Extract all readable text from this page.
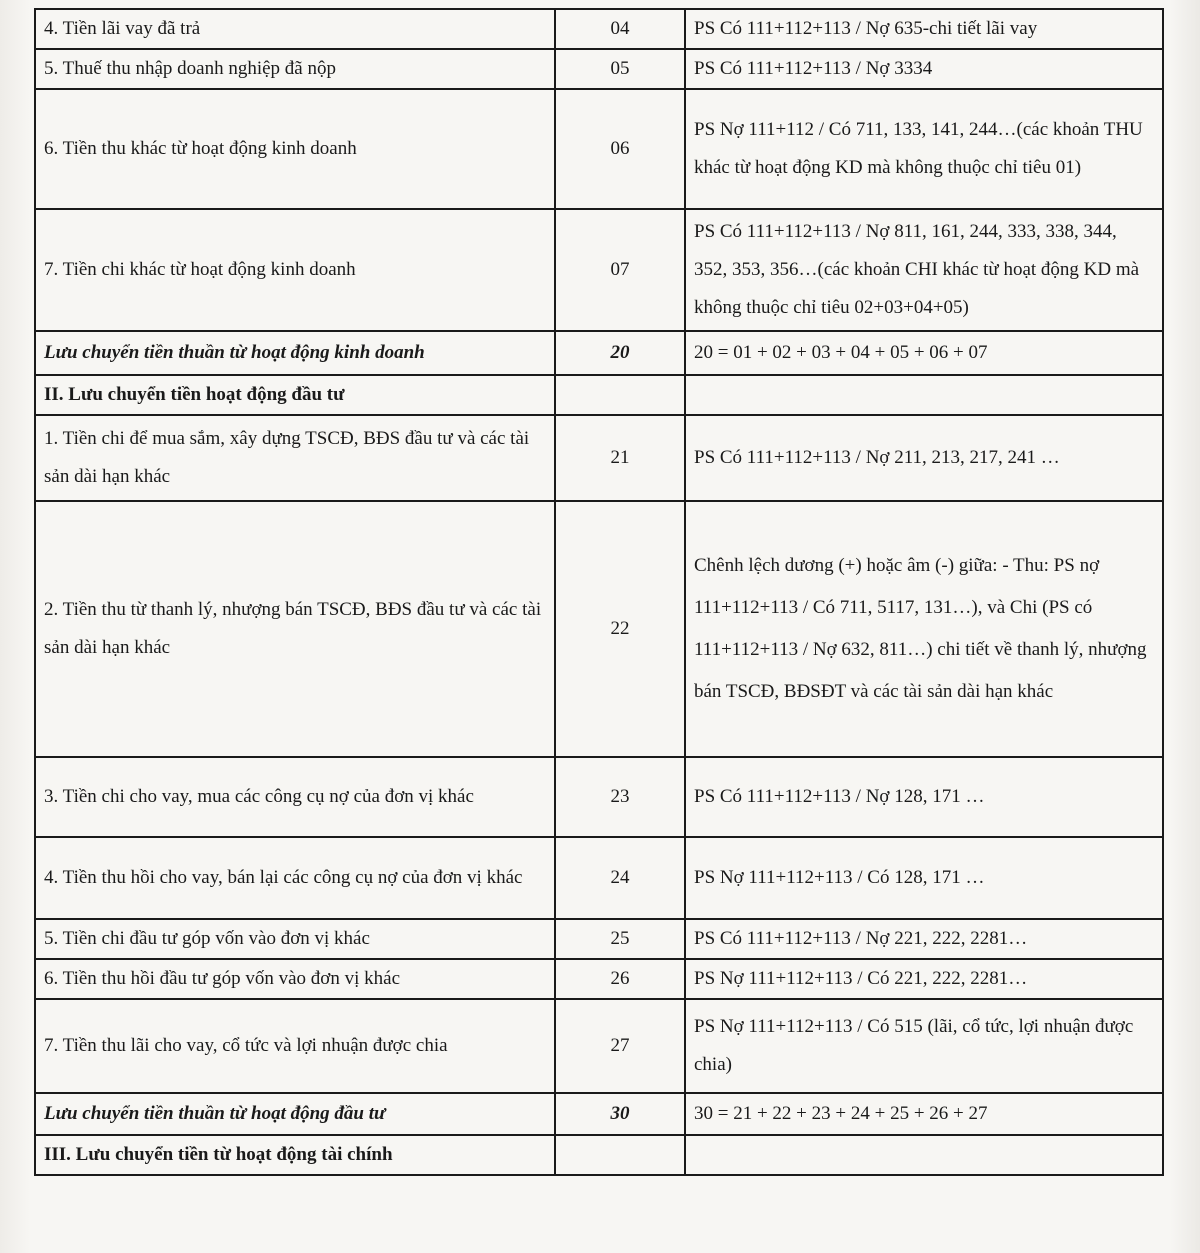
4. Tiền lãi vay đã trả	04	PS Có 111+112+113 / Nợ 635-chi tiết lãi vay
5. Thuế thu nhập doanh nghiệp đã nộp	05	PS Có 111+112+113 / Nợ 3334
6. Tiền thu khác từ hoạt động kinh doanh	06	PS Nợ 111+112 / Có 711, 133, 141, 244…(các khoản THU khác từ hoạt động KD mà không thuộc chỉ tiêu 01)
7. Tiền chi khác từ hoạt động kinh doanh	07	PS Có 111+112+113 / Nợ 811, 161, 244, 333, 338, 344, 352, 353, 356…(các khoản CHI khác từ hoạt động KD mà không thuộc chỉ tiêu 02+03+04+05)
Lưu chuyển tiền thuần từ hoạt động kinh doanh	20	20 = 01 + 02 + 03 + 04 + 05 + 06 + 07
II. Lưu chuyển tiền hoạt động đầu tư		
1. Tiền chi để mua sắm, xây dựng TSCĐ, BĐS đầu tư và các tài sản dài hạn khác	21	PS Có 111+112+113 / Nợ 211, 213, 217, 241 …
2. Tiền thu từ thanh lý, nhượng bán TSCĐ, BĐS đầu tư và các tài sản dài hạn khác	22	Chênh lệch dương (+) hoặc âm (-) giữa: - Thu: PS nợ 111+112+113 / Có 711, 5117, 131…), và Chi (PS có 111+112+113 / Nợ 632, 811…) chi tiết về thanh lý, nhượng bán TSCĐ, BĐSĐT và các tài sản dài hạn khác
3. Tiền chi cho vay, mua các công cụ nợ của đơn vị khác	23	PS Có 111+112+113 / Nợ 128, 171 …
4. Tiền thu hồi cho vay, bán lại các công cụ nợ của đơn vị khác	24	PS Nợ 111+112+113 / Có 128, 171 …
5. Tiền chi đầu tư góp vốn vào đơn vị khác	25	PS Có 111+112+113 / Nợ 221, 222, 2281…
6. Tiền thu hồi đầu tư góp vốn vào đơn vị khác	26	PS Nợ 111+112+113 / Có 221, 222, 2281…
7. Tiền thu lãi cho vay, cổ tức và lợi nhuận được chia	27	PS Nợ 111+112+113 / Có 515 (lãi, cổ tức, lợi nhuận được chia)
Lưu chuyển tiền thuần từ hoạt động đầu tư	30	30 = 21 + 22 + 23 + 24 + 25 + 26 + 27
III. Lưu chuyển tiền từ hoạt động tài chính		
